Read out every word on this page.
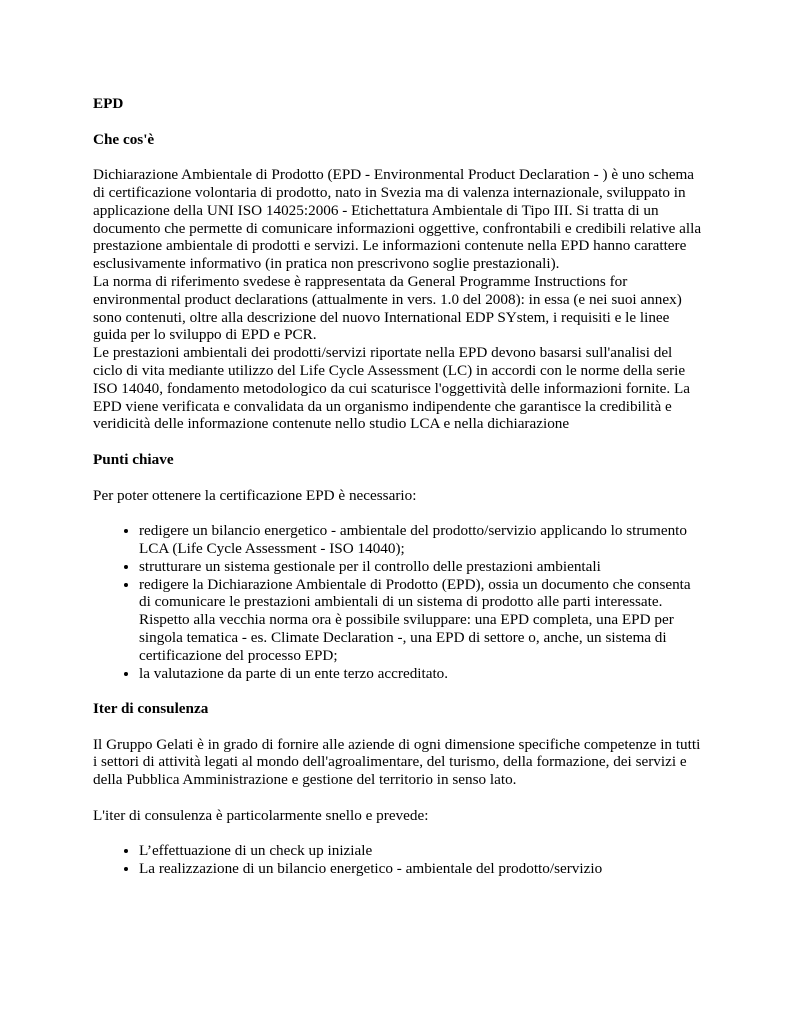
EPD
Che cos'è

Dichiarazione Ambientale di Prodotto (EPD - Environmental Product Declaration - ) è uno schema di certificazione volontaria di prodotto, nato in Svezia ma di valenza internazionale, sviluppato in applicazione della UNI ISO 14025:2006 - Etichettatura Ambientale di Tipo III. Si tratta di un documento che permette di comunicare informazioni oggettive, confrontabili e credibili relative alla prestazione ambientale di prodotti e servizi. Le informazioni contenute nella EPD hanno carattere esclusivamente informativo (in pratica non prescrivono soglie prestazionali).

La norma di riferimento svedese è rappresentata da General Programme Instructions for environmental product declarations (attualmente in vers. 1.0 del 2008): in essa (e nei suoi annex) sono contenuti, oltre alla descrizione del nuovo International EDP SYstem, i requisiti e le linee guida per lo sviluppo di EPD e PCR.

Le prestazioni ambientali dei prodotti/servizi riportate nella EPD devono basarsi sull'analisi del ciclo di vita mediante utilizzo del Life Cycle Assessment (LC) in accordi con le norme della serie ISO 14040, fondamento metodologico da cui scaturisce l'oggettività delle informazioni fornite. La EPD viene verificata e convalidata da un organismo indipendente che garantisce la credibilità e veridicità delle informazione contenute nello studio LCA e nella dichiarazione

Punti chiave

Per poter ottenere la certificazione EPD è necessario:

• redigere un bilancio energetico - ambientale del prodotto/servizio applicando lo strumento LCA (Life Cycle Assessment - ISO 14040);
• strutturare un sistema gestionale per il controllo delle prestazioni ambientali
• redigere la Dichiarazione Ambientale di Prodotto (EPD), ossia un documento che consenta di comunicare le prestazioni ambientali di un sistema di prodotto alle parti interessate. Rispetto alla vecchia norma ora è possibile sviluppare: una EPD completa, una EPD per singola tematica - es. Climate Declaration -, una EPD di settore o, anche, un sistema di certificazione del processo EPD;
• la valutazione da parte di un ente terzo accreditato.
Iter di consulenza

Il Gruppo Gelati è in grado di fornire alle aziende di ogni dimensione specifiche competenze in tutti i settori di attività legati al mondo dell'agroalimentare, del turismo, della formazione, dei servizi e della Pubblica Amministrazione e gestione del territorio in senso lato.

L'iter di consulenza è particolarmente snello e prevede:

• L’effettuazione di un check up iniziale
• La realizzazione di un bilancio energetico - ambientale del prodotto/servizio
